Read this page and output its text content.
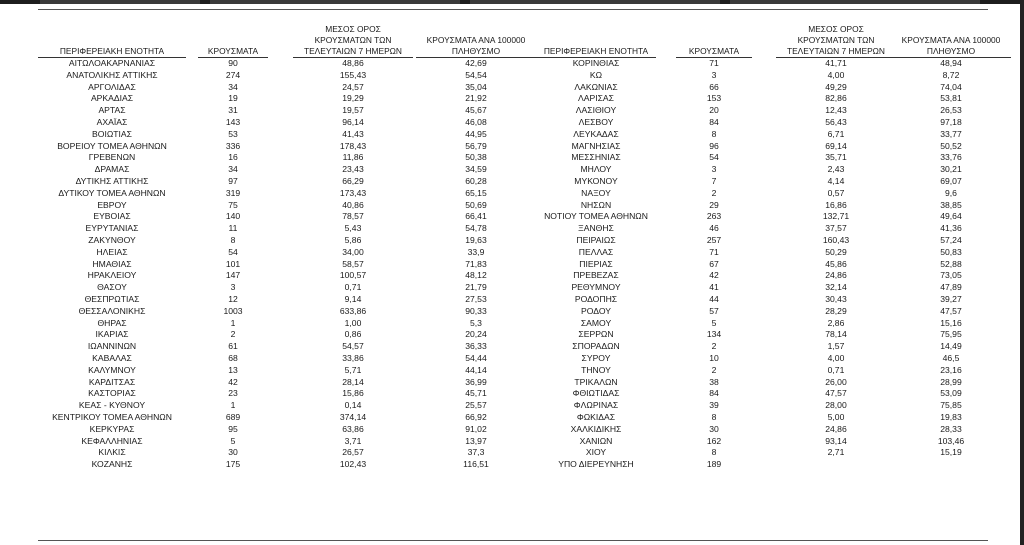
ΠΕΡΙΦΕΡΕΙΑΚΗ ΕΝΟΤΗΤΑ	ΚΡΟΥΣΜΑΤΑ
ΜΕΣΟΣ ΟΡΟΣ
ΚΡΟΥΣΜΑΤΩΝ ΤΩΝ
ΤΕΛΕΥΤΑΙΩΝ 7 ΗΜΕΡΩΝ
ΚΡΟΥΣΜΑΤΑ ΑΝΑ 100000
ΠΛΗΘΥΣΜΟ
ΑΙΤΩΛΟΑΚΑΡΝΑΝΙΑΣ	90	48,86	42,69
ΑΝΑΤΟΛΙΚΗΣ ΑΤΤΙΚΗΣ	274	155,43	54,54
ΑΡΓΟΛΙΔΑΣ	34	24,57	35,04
ΑΡΚΑΔΙΑΣ	19	19,29	21,92
ΑΡΤΑΣ	31	19,57	45,67
ΑΧΑΪΑΣ	143	96,14	46,08
ΒΟΙΩΤΙΑΣ	53	41,43	44,95
ΒΟΡΕΙΟΥ ΤΟΜΕΑ ΑΘΗΝΩΝ	336	178,43	56,79
ΓΡΕΒΕΝΩΝ	16	11,86	50,38
ΔΡΑΜΑΣ	34	23,43	34,59
ΔΥΤΙΚΗΣ ΑΤΤΙΚΗΣ	97	66,29	60,28
ΔΥΤΙΚΟΥ ΤΟΜΕΑ ΑΘΗΝΩΝ	319	173,43	65,15
ΕΒΡΟΥ	75	40,86	50,69
ΕΥΒΟΙΑΣ	140	78,57	66,41
ΕΥΡΥΤΑΝΙΑΣ	11	5,43	54,78
ΖΑΚΥΝΘΟΥ	8	5,86	19,63
ΗΛΕΙΑΣ	54	34,00	33,9
ΗΜΑΘΙΑΣ	101	58,57	71,83
ΗΡΑΚΛΕΙΟΥ	147	100,57	48,12
ΘΑΣΟΥ	3	0,71	21,79
ΘΕΣΠΡΩΤΙΑΣ	12	9,14	27,53
ΘΕΣΣΑΛΟΝΙΚΗΣ	1003	633,86	90,33
ΘΗΡΑΣ	1	1,00	5,3
ΙΚΑΡΙΑΣ	2	0,86	20,24
ΙΩΑΝΝΙΝΩΝ	61	54,57	36,33
ΚΑΒΑΛΑΣ	68	33,86	54,44
ΚΑΛΥΜΝΟΥ	13	5,71	44,14
ΚΑΡΔΙΤΣΑΣ	42	28,14	36,99
ΚΑΣΤΟΡΙΑΣ	23	15,86	45,71
ΚΕΑΣ - ΚΥΘΝΟΥ	1	0,14	25,57
ΚΕΝΤΡΙΚΟΥ ΤΟΜΕΑ ΑΘΗΝΩΝ	689	374,14	66,92
ΚΕΡΚΥΡΑΣ	95	63,86	91,02
ΚΕΦΑΛΛΗΝΙΑΣ	5	3,71	13,97
ΚΙΛΚΙΣ	30	26,57	37,3
ΚΟΖΑΝΗΣ	175	102,43	116,51
ΠΕΡΙΦΕΡΕΙΑΚΗ ΕΝΟΤΗΤΑ	ΚΡΟΥΣΜΑΤΑ
ΜΕΣΟΣ ΟΡΟΣ
ΚΡΟΥΣΜΑΤΩΝ ΤΩΝ
ΤΕΛΕΥΤΑΙΩΝ 7 ΗΜΕΡΩΝ
ΚΡΟΥΣΜΑΤΑ ΑΝΑ 100000
ΠΛΗΘΥΣΜΟ
ΚΟΡΙΝΘΙΑΣ	71	41,71	48,94
ΚΩ	3	4,00	8,72
ΛΑΚΩΝΙΑΣ	66	49,29	74,04
ΛΑΡΙΣΑΣ	153	82,86	53,81
ΛΑΣΙΘΙΟΥ	20	12,43	26,53
ΛΕΣΒΟΥ	84	56,43	97,18
ΛΕΥΚΑΔΑΣ	8	6,71	33,77
ΜΑΓΝΗΣΙΑΣ	96	69,14	50,52
ΜΕΣΣΗΝΙΑΣ	54	35,71	33,76
ΜΗΛΟΥ	3	2,43	30,21
ΜΥΚΟΝΟΥ	7	4,14	69,07
ΝΑΞΟΥ	2	0,57	9,6
ΝΗΣΩΝ	29	16,86	38,85
ΝΟΤΙΟΥ ΤΟΜΕΑ ΑΘΗΝΩΝ	263	132,71	49,64
ΞΑΝΘΗΣ	46	37,57	41,36
ΠΕΙΡΑΙΩΣ	257	160,43	57,24
ΠΕΛΛΑΣ	71	50,29	50,83
ΠΙΕΡΙΑΣ	67	45,86	52,88
ΠΡΕΒΕΖΑΣ	42	24,86	73,05
ΡΕΘΥΜΝΟΥ	41	32,14	47,89
ΡΟΔΟΠΗΣ	44	30,43	39,27
ΡΟΔΟΥ	57	28,29	47,57
ΣΑΜΟΥ	5	2,86	15,16
ΣΕΡΡΩΝ	134	78,14	75,95
ΣΠΟΡΑΔΩΝ	2	1,57	14,49
ΣΥΡΟΥ	10	4,00	46,5
ΤΗΝΟΥ	2	0,71	23,16
ΤΡΙΚΑΛΩΝ	38	26,00	28,99
ΦΘΙΩΤΙΔΑΣ	84	47,57	53,09
ΦΛΩΡΙΝΑΣ	39	28,00	75,85
ΦΩΚΙΔΑΣ	8	5,00	19,83
ΧΑΛΚΙΔΙΚΗΣ	30	24,86	28,33
ΧΑΝΙΩΝ	162	93,14	103,46
ΧΙΟΥ	8	2,71	15,19
ΥΠΟ ΔΙΕΡΕΥΝΗΣΗ	189
